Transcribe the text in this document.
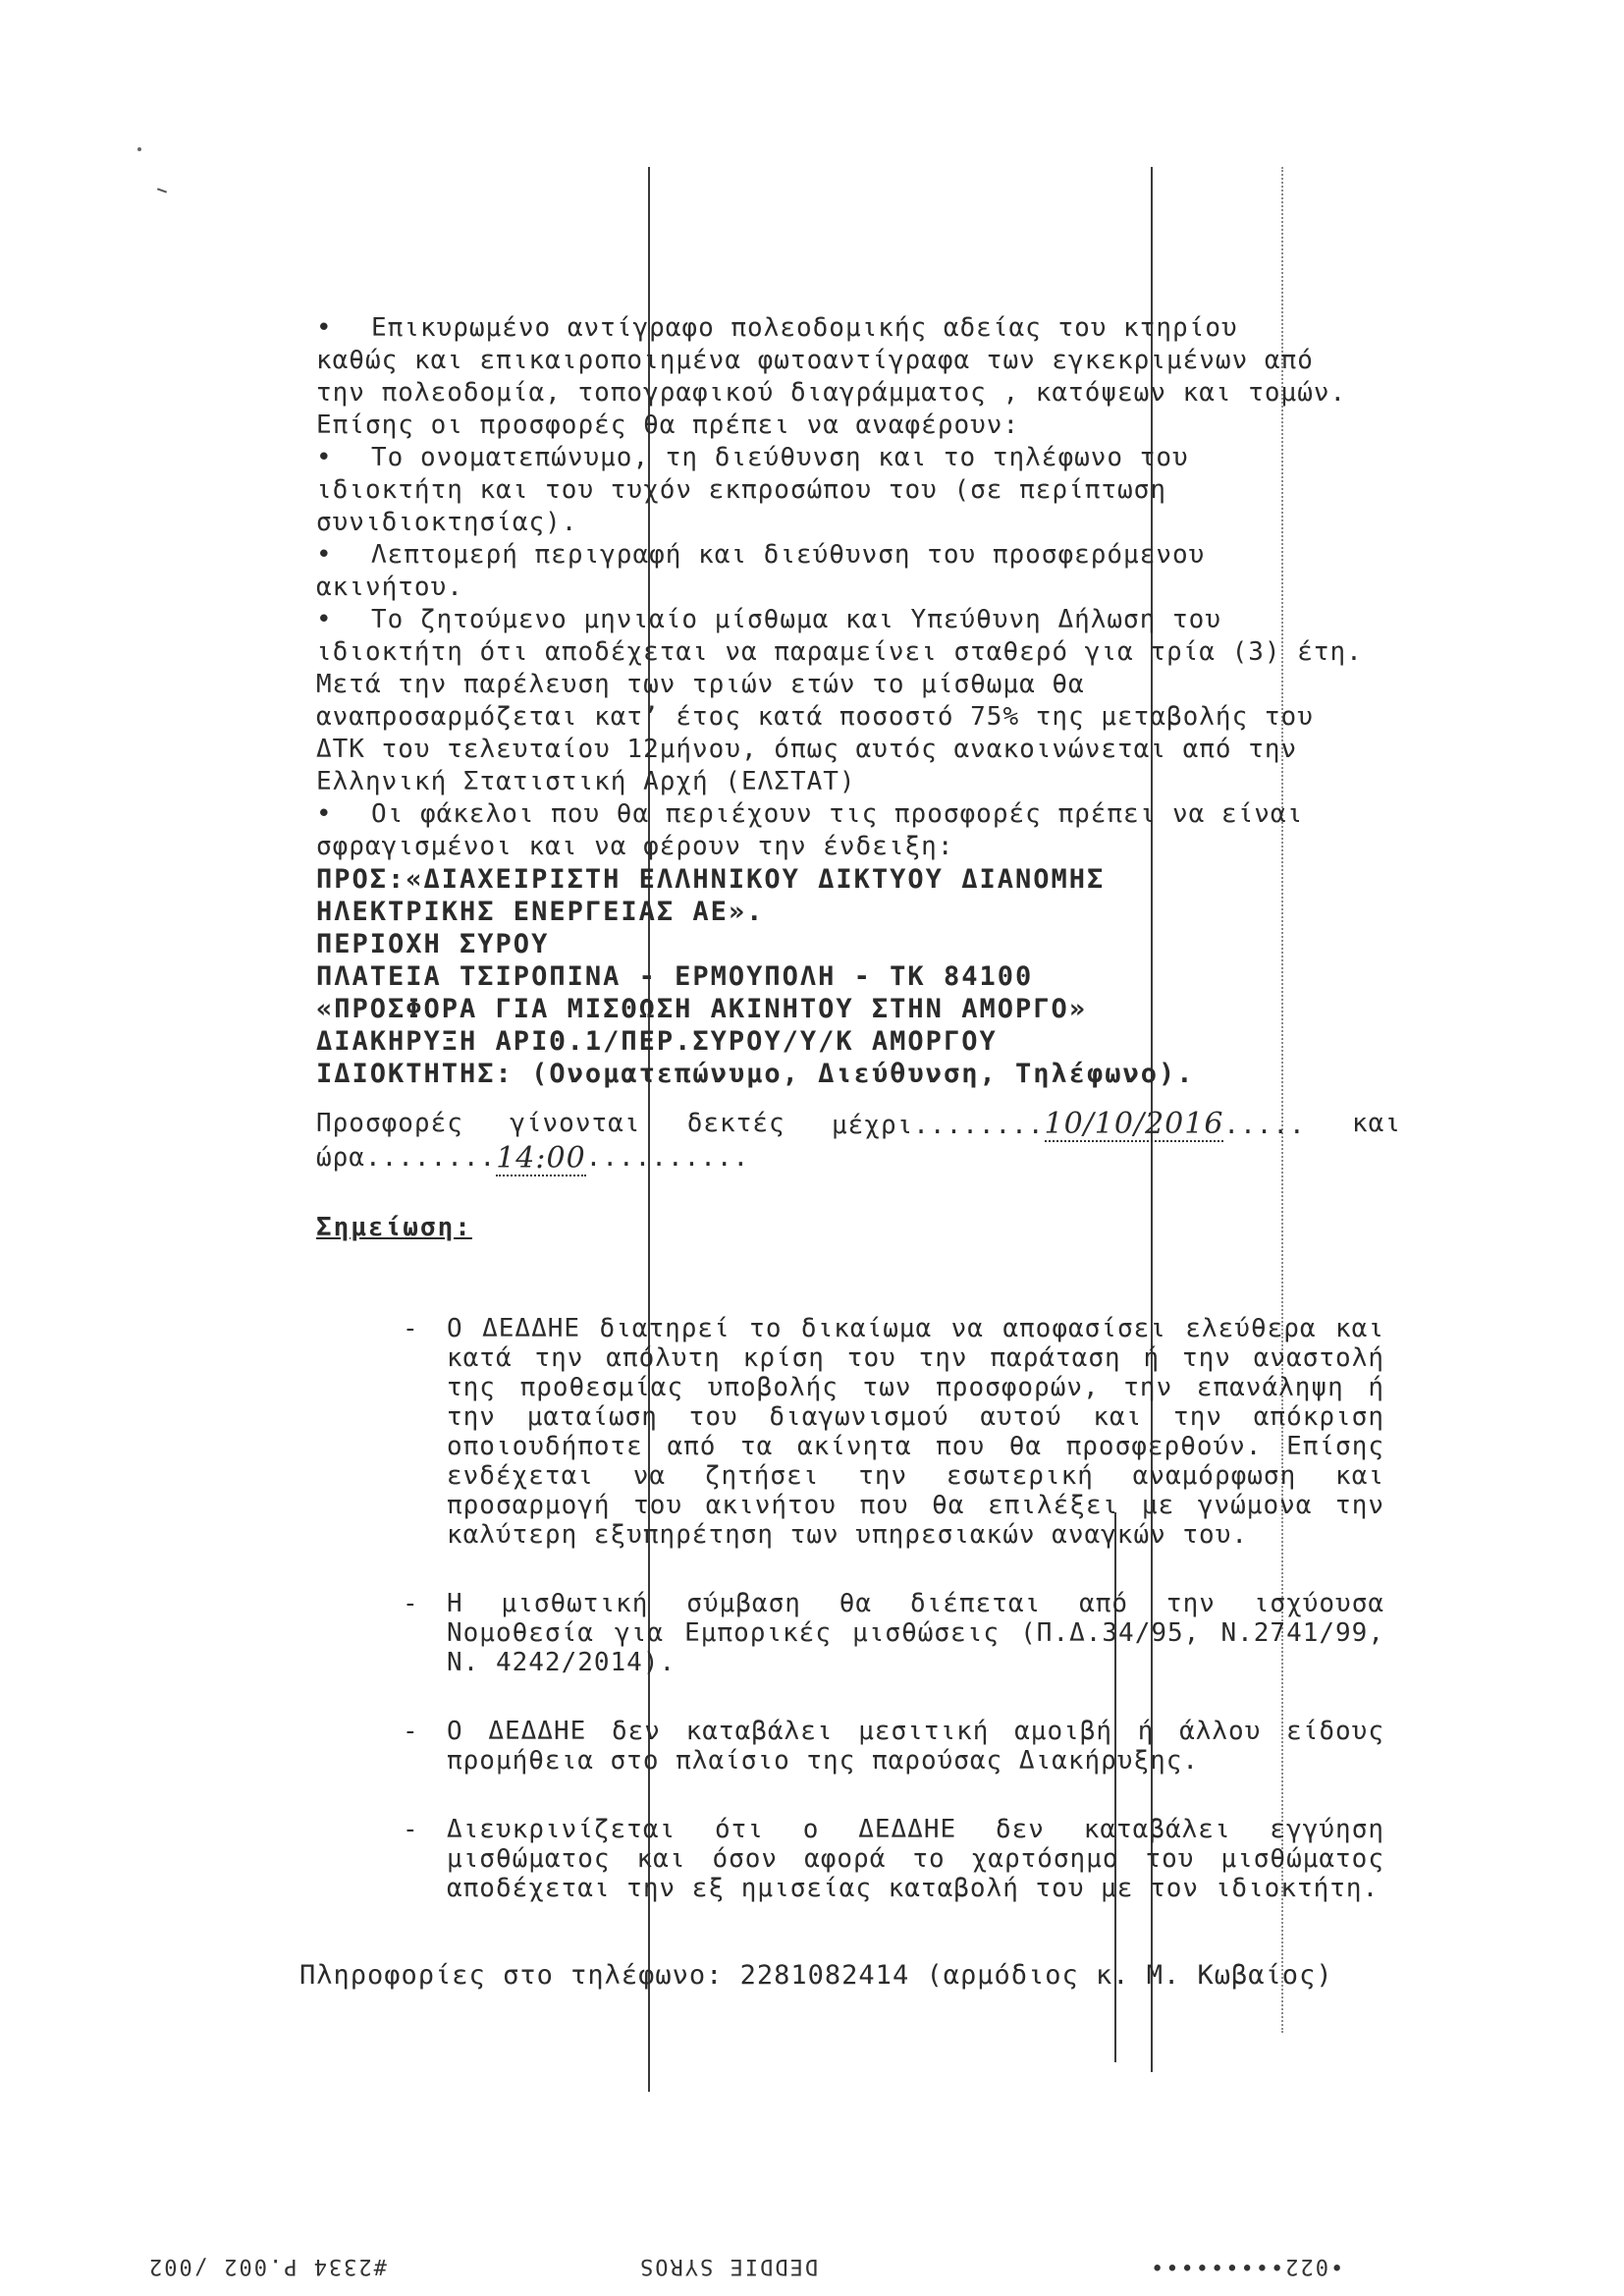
•	Επικυρωμένο αντίγραφο πολεοδομικής αδείας του κτηρίου
καθώς και επικαιροποιημένα φωτοαντίγραφα των εγκεκριμένων από
την πολεοδομία, τοπογραφικού διαγράμματος , κατόψεων και τομών.
Επίσης οι προσφορές θα πρέπει να αναφέρουν:
•	Το ονοματεπώνυμο, τη διεύθυνση και το τηλέφωνο του
ιδιοκτήτη και του τυχόν εκπροσώπου του (σε περίπτωση
συνιδιοκτησίας).
•	Λεπτομερή περιγραφή και διεύθυνση του προσφερόμενου
ακινήτου.
•	Το ζητούμενο μηνιαίο μίσθωμα και Υπεύθυνη Δήλωση του
ιδιοκτήτη ότι αποδέχεται να παραμείνει σταθερό για τρία (3) έτη.
Μετά την παρέλευση των τριών ετών το μίσθωμα θα
αναπροσαρμόζεται κατ’ έτος κατά ποσοστό 75% της μεταβολής του
ΔΤΚ του τελευταίου 12μήνου, όπως αυτός ανακοινώνεται από την
Ελληνική Στατιστική Αρχή (ΕΛΣΤΑΤ)
•	Οι φάκελοι που θα περιέχουν τις προσφορές πρέπει να είναι
σφραγισμένοι και να φέρουν την ένδειξη:
ΠΡΟΣ:«ΔΙΑΧΕΙΡΙΣΤΗ ΕΛΛΗΝΙΚΟΥ ΔΙΚΤΥΟΥ ΔΙΑΝΟΜΗΣ
ΗΛΕΚΤΡΙΚΗΣ ΕΝΕΡΓΕΙΑΣ ΑΕ».
ΠΕΡΙΟΧΗ ΣΥΡΟΥ
ΠΛΑΤΕΙΑ ΤΣΙΡΟΠΙΝΑ - ΕΡΜΟΥΠΟΛΗ - ΤΚ 84100
«ΠΡΟΣΦΟΡΑ ΓΙΑ ΜΙΣΘΩΣΗ ΑΚΙΝΗΤΟΥ ΣΤΗΝ ΑΜΟΡΓΟ»
ΔΙΑΚΗΡΥΞΗ ΑΡΙΘ.1/ΠΕΡ.ΣΥΡΟΥ/Υ/Κ ΑΜΟΡΓΟΥ
ΙΔΙΟΚΤΗΤΗΣ: (Ονοματεπώνυμο, Διεύθυνση, Τηλέφωνο).
Προσφορές γίνονται δεκτές μέχρι........10/10/2016..... και
ώρα ........ 14:00 ..........
Σημείωση:
-	Ο ΔΕΔΔΗΕ διατηρεί το δικαίωμα να αποφασίσει ελεύθερα και κατά την απόλυτη κρίση του την παράταση ή την αναστολή της προθεσμίας υποβολής των προσφορών, την επανάληψη ή την ματαίωση του διαγωνισμού αυτού και την απόκριση οποιουδήποτε από τα ακίνητα που θα προσφερθούν. Επίσης ενδέχεται να ζητήσει την εσωτερική αναμόρφωση και προσαρμογή του ακινήτου που θα επιλέξει με γνώμονα την καλύτερη εξυπηρέτηση των υπηρεσιακών αναγκών του.
-	Η μισθωτική σύμβαση θα διέπεται από την ισχύουσα Νομοθεσία για Εμπορικές μισθώσεις (Π.Δ.34/95, Ν.2741/99, Ν. 4242/2014).
-	Ο ΔΕΔΔΗΕ δεν καταβάλει μεσιτική αμοιβή ή άλλου είδους προμήθεια στο πλαίσιο της παρούσας Διακήρυξης.
-	Διευκρινίζεται ότι ο ΔΕΔΔΗΕ δεν καταβάλει εγγύηση μισθώματος και όσον αφορά το χαρτόσημο του μισθώματος αποδέχεται την εξ ημισείας καταβολή του με τον ιδιοκτήτη.
Πληροφορίες στο τηλέφωνο: 2281082414 (αρμόδιος κ. Μ. Κωβαίος)
#2334 P.002 /002	DEDDIE SYROS	•022•••••••••
